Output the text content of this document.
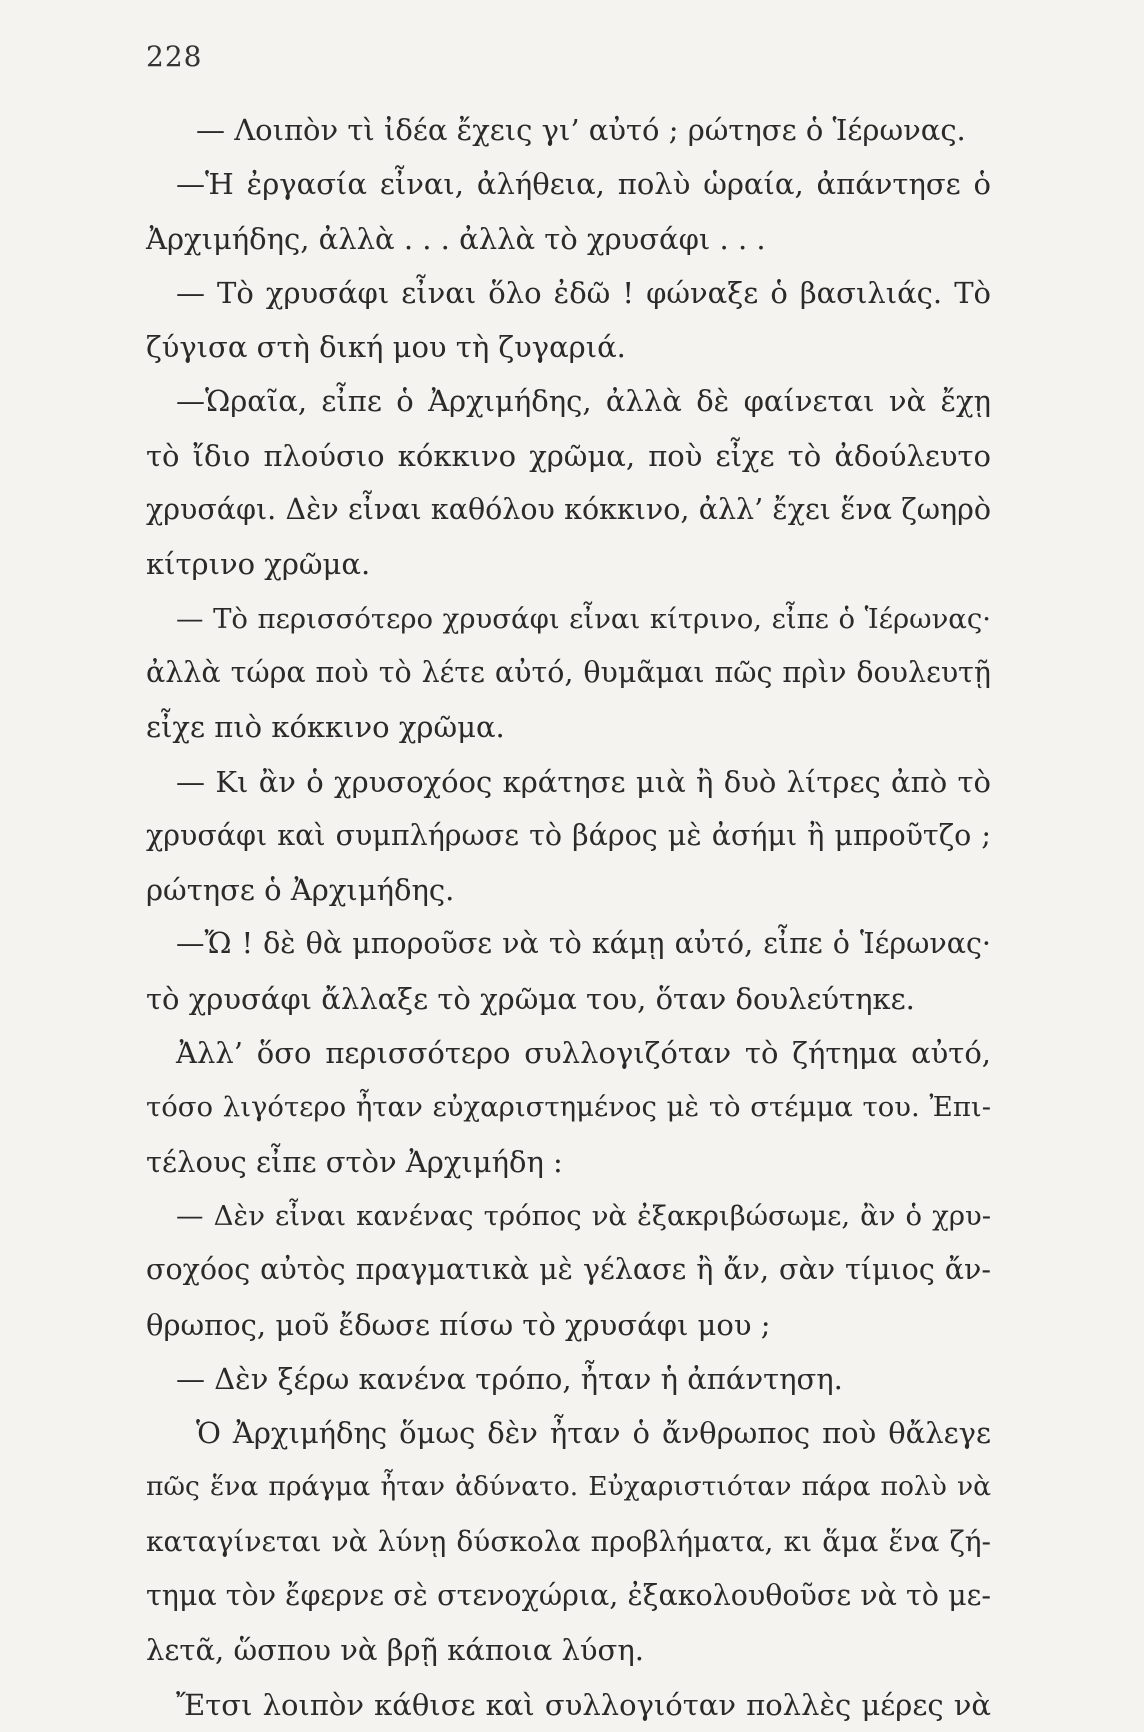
228
— Λοιπὸν τὶ ἰδέα ἔχεις γι’ αὐτό ; ρώτησε ὁ Ἱέρωνας.
—Ἡ ἐργασία εἶναι, ἀλήθεια, πολὺ ὡραία, ἀπάντησε ὁ
Ἀρχιμήδης, ἀλλὰ . . . ἀλλὰ τὸ χρυσάφι . . .
— Τὸ χρυσάφι εἶναι ὅλο ἐδῶ ! φώναξε ὁ βασιλιάς. Τὸ
ζύγισα στὴ δική μου τὴ ζυγαριά.
—Ὡραῖα, εἶπε ὁ Ἀρχιμήδης, ἀλλὰ δὲ φαίνεται νὰ ἔχῃ
τὸ ἴδιο πλούσιο κόκκινο χρῶμα, ποὺ εἶχε τὸ ἀδούλευτο
χρυσάφι. Δὲν εἶναι καθόλου κόκκινο, ἀλλ’ ἔχει ἕνα ζωηρὸ
κίτρινο χρῶμα.
— Τὸ περισσότερο χρυσάφι εἶναι κίτρινο, εἶπε ὁ Ἱέρωνας·
ἀλλὰ τώρα ποὺ τὸ λέτε αὐτό, θυμᾶμαι πῶς πρὶν δουλευτῇ
εἶχε πιὸ κόκκινο χρῶμα.
— Κι ἂν ὁ χρυσοχόος κράτησε μιὰ ἢ δυὸ λίτρες ἀπὸ τὸ
χρυσάφι καὶ συμπλήρωσε τὸ βάρος μὲ ἀσήμι ἢ μπροῦτζο ;
ρώτησε ὁ Ἀρχιμήδης.
—Ὤ ! δὲ θὰ μποροῦσε νὰ τὸ κάμῃ αὐτό, εἶπε ὁ Ἱέρωνας·
τὸ χρυσάφι ἄλλαξε τὸ χρῶμα του, ὅταν δουλεύτηκε.
Ἀλλ’ ὅσο περισσότερο συλλογιζόταν τὸ ζήτημα αὐτό,
τόσο λιγότερο ἦταν εὐχαριστημένος μὲ τὸ στέμμα του. Ἐπι-
τέλους εἶπε στὸν Ἀρχιμήδη :
— Δὲν εἶναι κανένας τρόπος νὰ ἐξακριβώσωμε, ἂν ὁ χρυ-
σοχόος αὐτὸς πραγματικὰ μὲ γέλασε ἢ ἄν, σὰν τίμιος ἄν-
θρωπος, μοῦ ἔδωσε πίσω τὸ χρυσάφι μου ;
— Δὲν ξέρω κανένα τρόπο, ἦταν ἡ ἀπάντηση.
Ὁ Ἀρχιμήδης ὅμως δὲν ἦταν ὁ ἄνθρωπος ποὺ θἄλεγε
πῶς ἕνα πράγμα ἦταν ἀδύνατο. Εὐχαριστιόταν πάρα πολὺ νὰ
καταγίνεται νὰ λύνῃ δύσκολα προβλήματα, κι ἅμα ἕνα ζή-
τημα τὸν ἔφερνε σὲ στενοχώρια, ἐξακολουθοῦσε νὰ τὸ με-
λετᾶ, ὥσπου νὰ βρῇ κάποια λύση.
Ἔτσι λοιπὸν κάθισε καὶ συλλογιόταν πολλὲς μέρες νὰ
